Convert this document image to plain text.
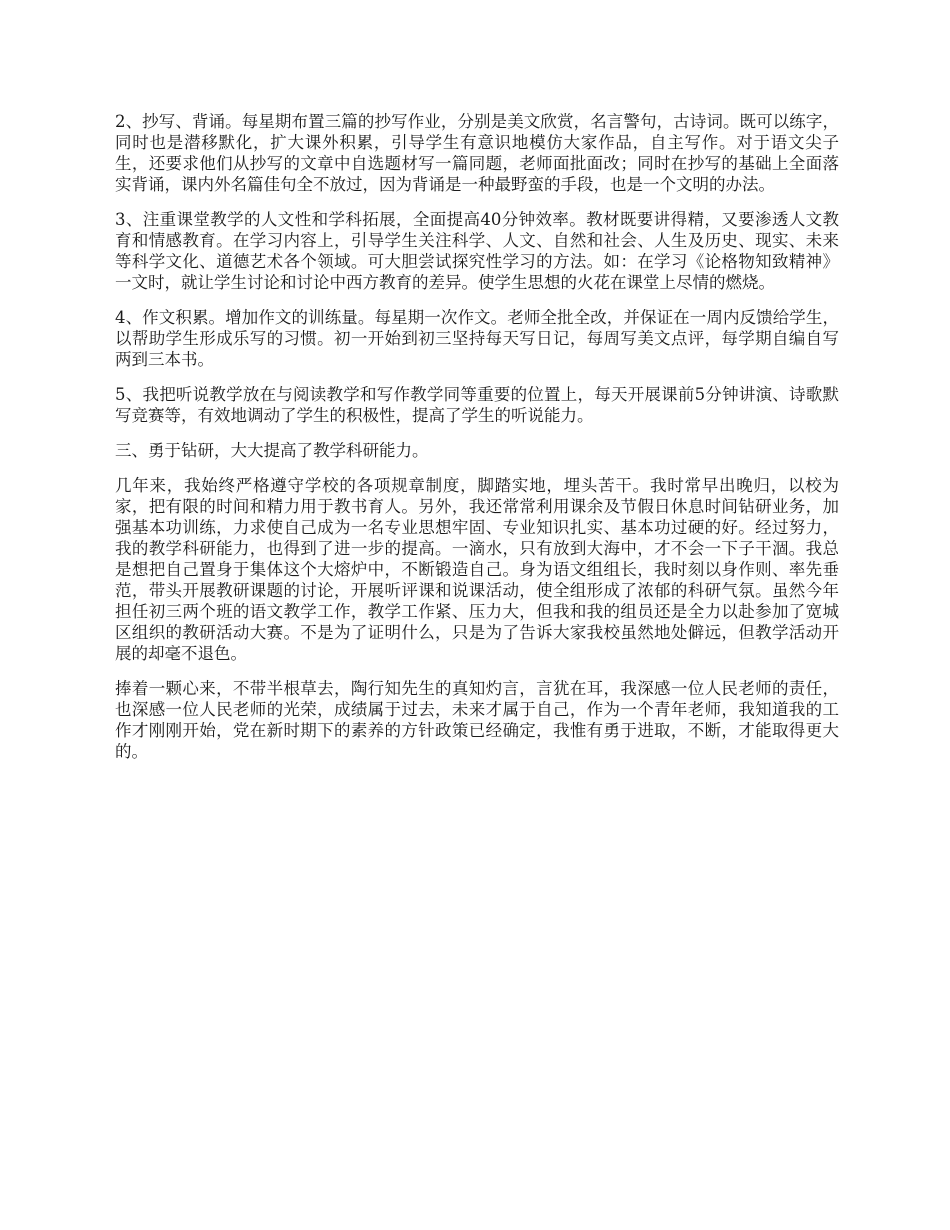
2、抄写、背诵。每星期布置三篇的抄写作业，分别是美文欣赏，名言警句，古诗词。既可以练字，同时也是潜移默化，扩大课外积累，引导学生有意识地模仿大家作品，自主写作。对于语文尖子生，还要求他们从抄写的文章中自选题材写一篇同题，老师面批面改；同时在抄写的基础上全面落实背诵，课内外名篇佳句全不放过，因为背诵是一种最野蛮的手段，也是一个文明的办法。

3、注重课堂教学的人文性和学科拓展，全面提高40分钟效率。教材既要讲得精，又要渗透人文教育和情感教育。在学习内容上，引导学生关注科学、人文、自然和社会、人生及历史、现实、未来等科学文化、道德艺术各个领域。可大胆尝试探究性学习的方法。如：在学习《论格物知致精神》一文时，就让学生讨论和讨论中西方教育的差异。使学生思想的火花在课堂上尽情的燃烧。

4、作文积累。增加作文的训练量。每星期一次作文。老师全批全改，并保证在一周内反馈给学生，以帮助学生形成乐写的习惯。初一开始到初三坚持每天写日记，每周写美文点评，每学期自编自写两到三本书。

5、我把听说教学放在与阅读教学和写作教学同等重要的位置上，每天开展课前5分钟讲演、诗歌默写竞赛等，有效地调动了学生的积极性，提高了学生的听说能力。

三、勇于钻研，大大提高了教学科研能力。

几年来，我始终严格遵守学校的各项规章制度，脚踏实地，埋头苦干。我时常早出晚归，以校为家，把有限的时间和精力用于教书育人。另外，我还常常利用课余及节假日休息时间钻研业务，加强基本功训练，力求使自己成为一名专业思想牢固、专业知识扎实、基本功过硬的好。经过努力，我的教学科研能力，也得到了进一步的提高。一滴水，只有放到大海中，才不会一下子干涸。我总是想把自己置身于集体这个大熔炉中，不断锻造自己。身为语文组组长，我时刻以身作则、率先垂范，带头开展教研课题的讨论，开展听评课和说课活动，使全组形成了浓郁的科研气氛。虽然今年担任初三两个班的语文教学工作，教学工作紧、压力大，但我和我的组员还是全力以赴参加了宽城区组织的教研活动大赛。不是为了证明什么，只是为了告诉大家我校虽然地处僻远，但教学活动开展的却毫不退色。

捧着一颗心来，不带半根草去，陶行知先生的真知灼言，言犹在耳，我深感一位人民老师的责任，也深感一位人民老师的光荣，成绩属于过去，未来才属于自己，作为一个青年老师，我知道我的工作才刚刚开始，党在新时期下的素养的方针政策已经确定，我惟有勇于进取，不断，才能取得更大的。
